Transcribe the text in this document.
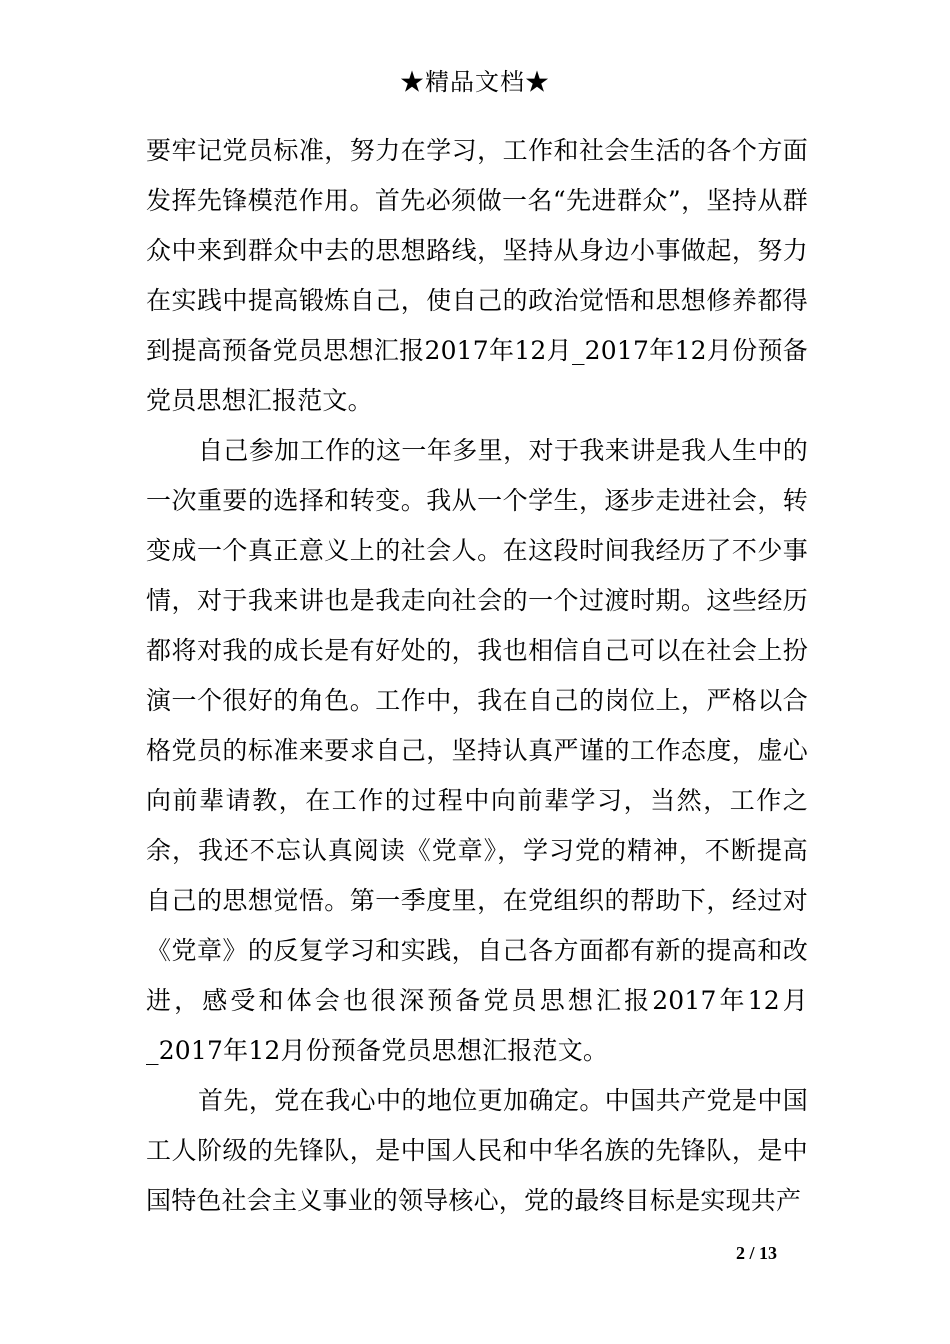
★精品文档★

要牢记党员标准，努力在学习，工作和社会生活的各个方面发挥先锋模范作用。首先必须做一名“先进群众”，坚持从群众中来到群众中去的思想路线，坚持从身边小事做起，努力在实践中提高锻炼自己，使自己的政治觉悟和思想修养都得到提高预备党员思想汇报2017年12月_2017年12月份预备党员思想汇报范文。

自己参加工作的这一年多里，对于我来讲是我人生中的一次重要的选择和转变。我从一个学生，逐步走进社会，转变成一个真正意义上的社会人。在这段时间我经历了不少事情，对于我来讲也是我走向社会的一个过渡时期。这些经历都将对我的成长是有好处的，我也相信自己可以在社会上扮演一个很好的角色。工作中，我在自己的岗位上，严格以合格党员的标准来要求自己，坚持认真严谨的工作态度，虚心向前辈请教，在工作的过程中向前辈学习，当然，工作之余，我还不忘认真阅读《党章》，学习党的精神，不断提高自己的思想觉悟。第一季度里，在党组织的帮助下，经过对《党章》的反复学习和实践，自己各方面都有新的提高和改进，感受和体会也很深预备党员思想汇报2017年12月_2017年12月份预备党员思想汇报范文。

首先，党在我心中的地位更加确定。中国共产党是中国工人阶级的先锋队，是中国人民和中华名族的先锋队，是中国特色社会主义事业的领导核心，党的最终目标是实现共产

2 / 13
